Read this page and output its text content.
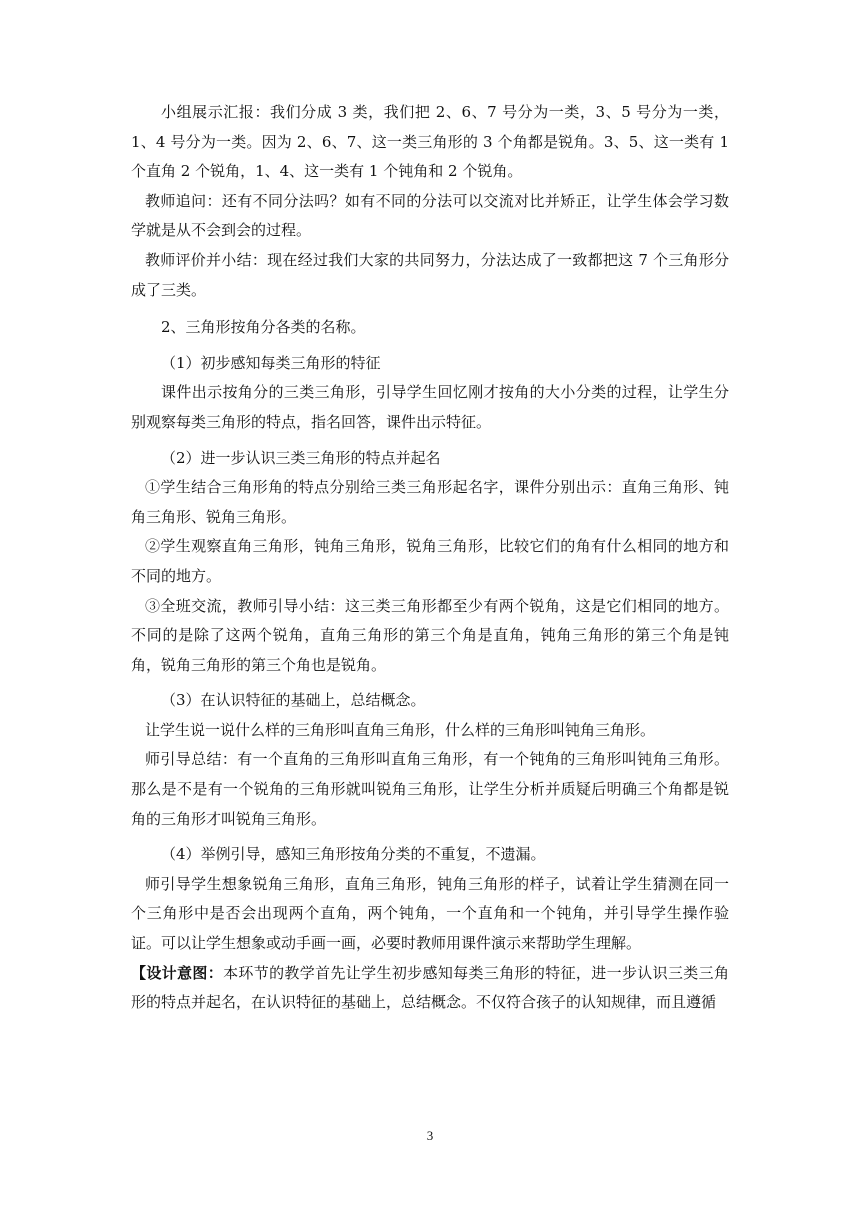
小组展示汇报：我们分成 3 类，我们把 2、6、7 号分为一类，3、5 号分为一类，1、4 号分为一类。因为 2、6、7、这一类三角形的 3 个角都是锐角。3、5、这一类有 1 个直角 2 个锐角，1、4、这一类有 1 个钝角和 2 个锐角。

教师追问：还有不同分法吗？如有不同的分法可以交流对比并矫正，让学生体会学习数学就是从不会到会的过程。

教师评价并小结：现在经过我们大家的共同努力，分法达成了一致都把这 7 个三角形分成了三类。

2、三角形按角分各类的名称。

（1）初步感知每类三角形的特征

课件出示按角分的三类三角形，引导学生回忆刚才按角的大小分类的过程，让学生分别观察每类三角形的特点，指名回答，课件出示特征。

（2）进一步认识三类三角形的特点并起名

①学生结合三角形角的特点分别给三类三角形起名字，课件分别出示：直角三角形、钝角三角形、锐角三角形。

②学生观察直角三角形，钝角三角形，锐角三角形，比较它们的角有什么相同的地方和不同的地方。

③全班交流，教师引导小结：这三类三角形都至少有两个锐角，这是它们相同的地方。不同的是除了这两个锐角，直角三角形的第三个角是直角，钝角三角形的第三个角是钝角，锐角三角形的第三个角也是锐角。

（3）在认识特征的基础上，总结概念。

让学生说一说什么样的三角形叫直角三角形，什么样的三角形叫钝角三角形。

师引导总结：有一个直角的三角形叫直角三角形，有一个钝角的三角形叫钝角三角形。那么是不是有一个锐角的三角形就叫锐角三角形，让学生分析并质疑后明确三个角都是锐角的三角形才叫锐角三角形。

（4）举例引导，感知三角形按角分类的不重复，不遗漏。

师引导学生想象锐角三角形，直角三角形，钝角三角形的样子，试着让学生猜测在同一个三角形中是否会出现两个直角，两个钝角，一个直角和一个钝角，并引导学生操作验证。可以让学生想象或动手画一画，必要时教师用课件演示来帮助学生理解。

【设计意图：本环节的教学首先让学生初步感知每类三角形的特征，进一步认识三类三角形的特点并起名，在认识特征的基础上，总结概念。不仅符合孩子的认知规律，而且遵循

3
